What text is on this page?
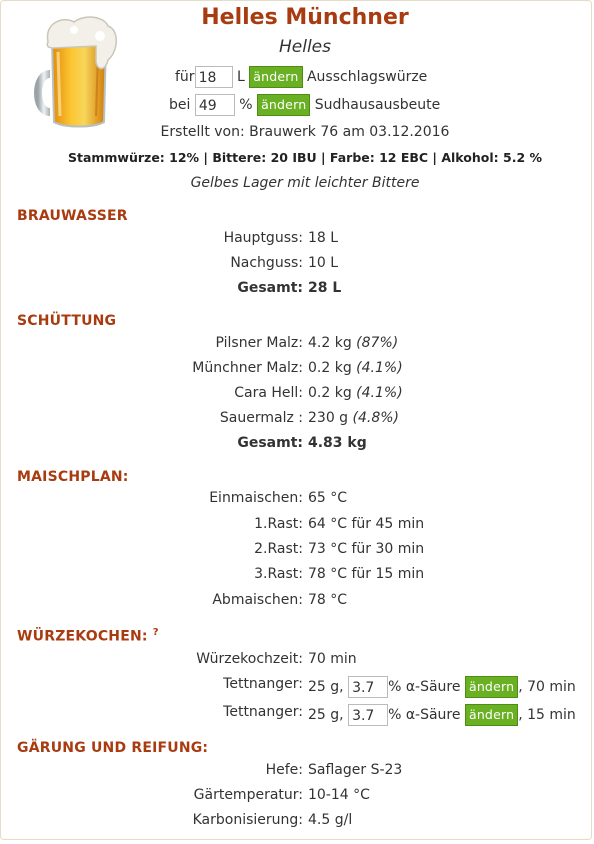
Helles Münchner
Helles
für 18 L ändern Ausschlagswürze
bei 49 % ändern Sudhausausbeute
Erstellt von: Brauwerk 76 am 03.12.2016
Stammwürze: 12% | Bittere: 20 IBU | Farbe: 12 EBC | Alkohol: 5.2 %
Gelbes Lager mit leichter Bittere
BRAUWASSER
Hauptguss: 18 L
Nachguss: 10 L
Gesamt: 28 L
SCHÜTTUNG
Pilsner Malz: 4.2 kg (87%)
Münchner Malz: 0.2 kg (4.1%)
Cara Hell: 0.2 kg (4.1%)
Sauermalz : 230 g (4.8%)
Gesamt: 4.83 kg
MAISCHPLAN:
Einmaischen: 65 °C
1.Rast: 64 °C für 45 min
2.Rast: 73 °C für 30 min
3.Rast: 78 °C für 15 min
Abmaischen: 78 °C
WÜRZEKOCHEN: ?
Würzekochzeit: 70 min
Tettnanger: 25 g, 3.7 % α-Säure ändern , 70 min
Tettnanger: 25 g, 3.7 % α-Säure ändern , 15 min
GÄRUNG UND REIFUNG:
Hefe: Saflager S-23
Gärtemperatur: 10-14 °C
Karbonisierung: 4.5 g/l
